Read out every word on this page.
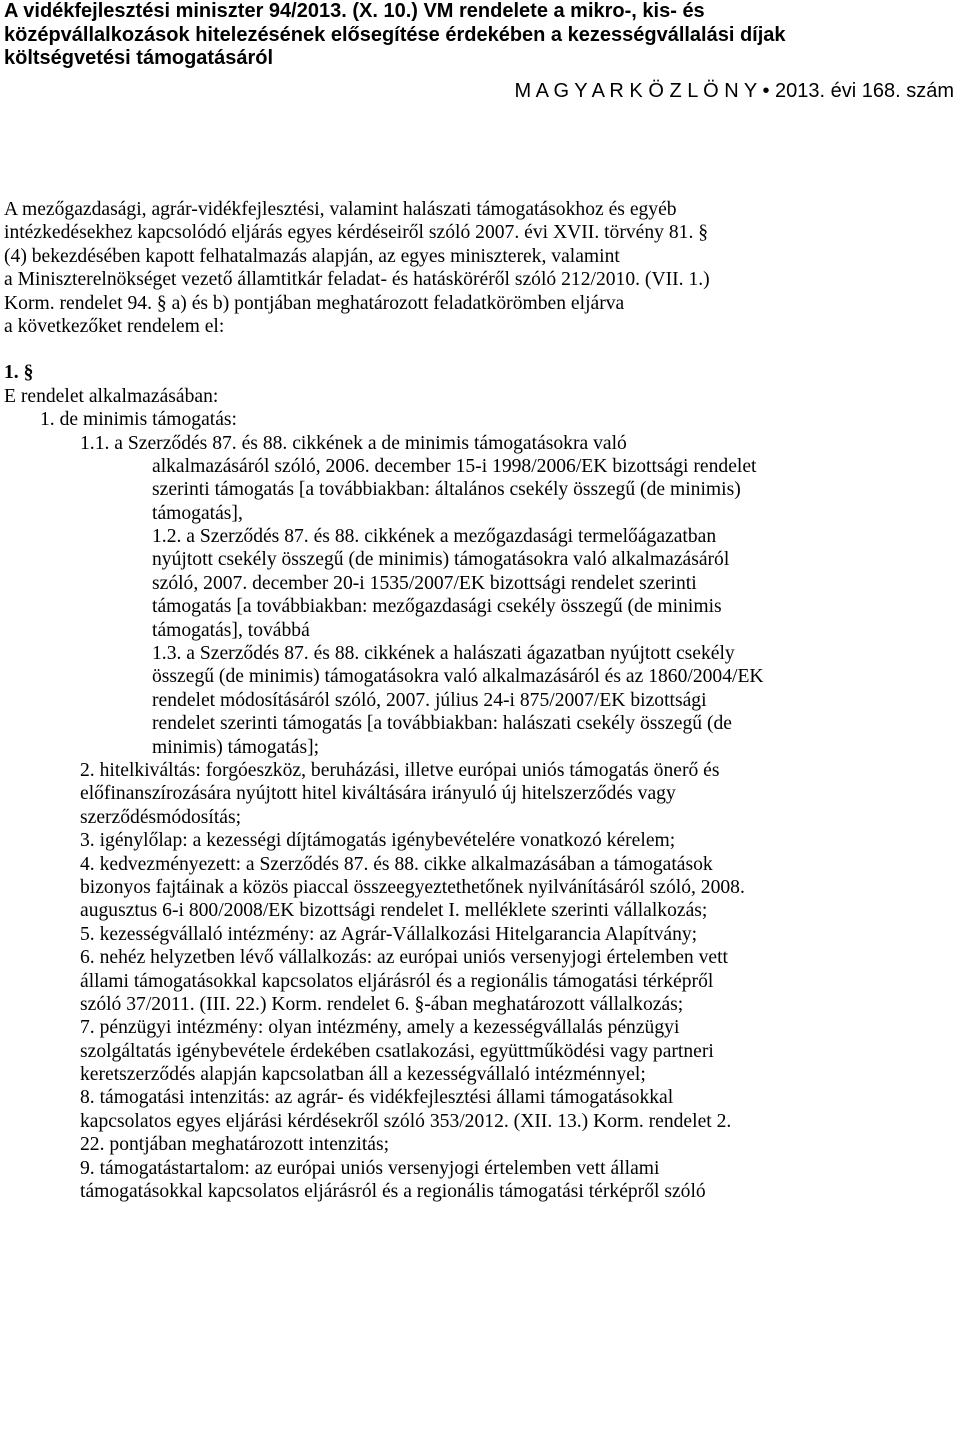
A vidékfejlesztési miniszter 94/2013. (X. 10.) VM rendelete a mikro-, kis- és
középvállalkozások hitelezésének elősegítése érdekében a kezességvállalási díjak
költségvetési támogatásáról
M A G Y A R K Ö Z L Ö N Y • 2013. évi 168. szám
A mezőgazdasági, agrár-vidékfejlesztési, valamint halászati támogatásokhoz és egyéb
intézkedésekhez kapcsolódó eljárás egyes kérdéseiről szóló 2007. évi XVII. törvény 81. §
(4) bekezdésében kapott felhatalmazás alapján, az egyes miniszterek, valamint
a Miniszterelnökséget vezető államtitkár feladat- és hatásköréről szóló 212/2010. (VII. 1.)
Korm. rendelet 94. § a) és b) pontjában meghatározott feladatkörömben eljárva
a következőket rendelem el:
1. §
E rendelet alkalmazásában:
1. de minimis támogatás:
1.1. a Szerződés 87. és 88. cikkének a de minimis támogatásokra való
alkalmazásáról szóló, 2006. december 15-i 1998/2006/EK bizottsági rendelet
szerinti támogatás [a továbbiakban: általános csekély összegű (de minimis)
támogatás],
1.2. a Szerződés 87. és 88. cikkének a mezőgazdasági termelőágazatban
nyújtott csekély összegű (de minimis) támogatásokra való alkalmazásáról
szóló, 2007. december 20-i 1535/2007/EK bizottsági rendelet szerinti
támogatás [a továbbiakban: mezőgazdasági csekély összegű (de minimis
támogatás], továbbá
1.3. a Szerződés 87. és 88. cikkének a halászati ágazatban nyújtott csekély
összegű (de minimis) támogatásokra való alkalmazásáról és az 1860/2004/EK
rendelet módosításáról szóló, 2007. július 24-i 875/2007/EK bizottsági
rendelet szerinti támogatás [a továbbiakban: halászati csekély összegű (de
minimis) támogatás];
2. hitelkiváltás: forgóeszköz, beruházási, illetve európai uniós támogatás önerő és
előfinanszírozására nyújtott hitel kiváltására irányuló új hitelszerződés vagy
szerződésmódosítás;
3. igénylőlap: a kezességi díjtámogatás igénybevételére vonatkozó kérelem;
4. kedvezményezett: a Szerződés 87. és 88. cikke alkalmazásában a támogatások
bizonyos fajtáinak a közös piaccal összeegyeztethetőnek nyilvánításáról szóló, 2008.
augusztus 6-i 800/2008/EK bizottsági rendelet I. melléklete szerinti vállalkozás;
5. kezességvállaló intézmény: az Agrár-Vállalkozási Hitelgarancia Alapítvány;
6. nehéz helyzetben lévő vállalkozás: az európai uniós versenyjogi értelemben vett
állami támogatásokkal kapcsolatos eljárásról és a regionális támogatási térképről
szóló 37/2011. (III. 22.) Korm. rendelet 6. §-ában meghatározott vállalkozás;
7. pénzügyi intézmény: olyan intézmény, amely a kezességvállalás pénzügyi
szolgáltatás igénybevétele érdekében csatlakozási, együttműködési vagy partneri
keretszerződés alapján kapcsolatban áll a kezességvállaló intézménnyel;
8. támogatási intenzitás: az agrár- és vidékfejlesztési állami támogatásokkal
kapcsolatos egyes eljárási kérdésekről szóló 353/2012. (XII. 13.) Korm. rendelet 2.
22. pontjában meghatározott intenzitás;
9. támogatástartalom: az európai uniós versenyjogi értelemben vett állami
támogatásokkal kapcsolatos eljárásról és a regionális támogatási térképről szóló
